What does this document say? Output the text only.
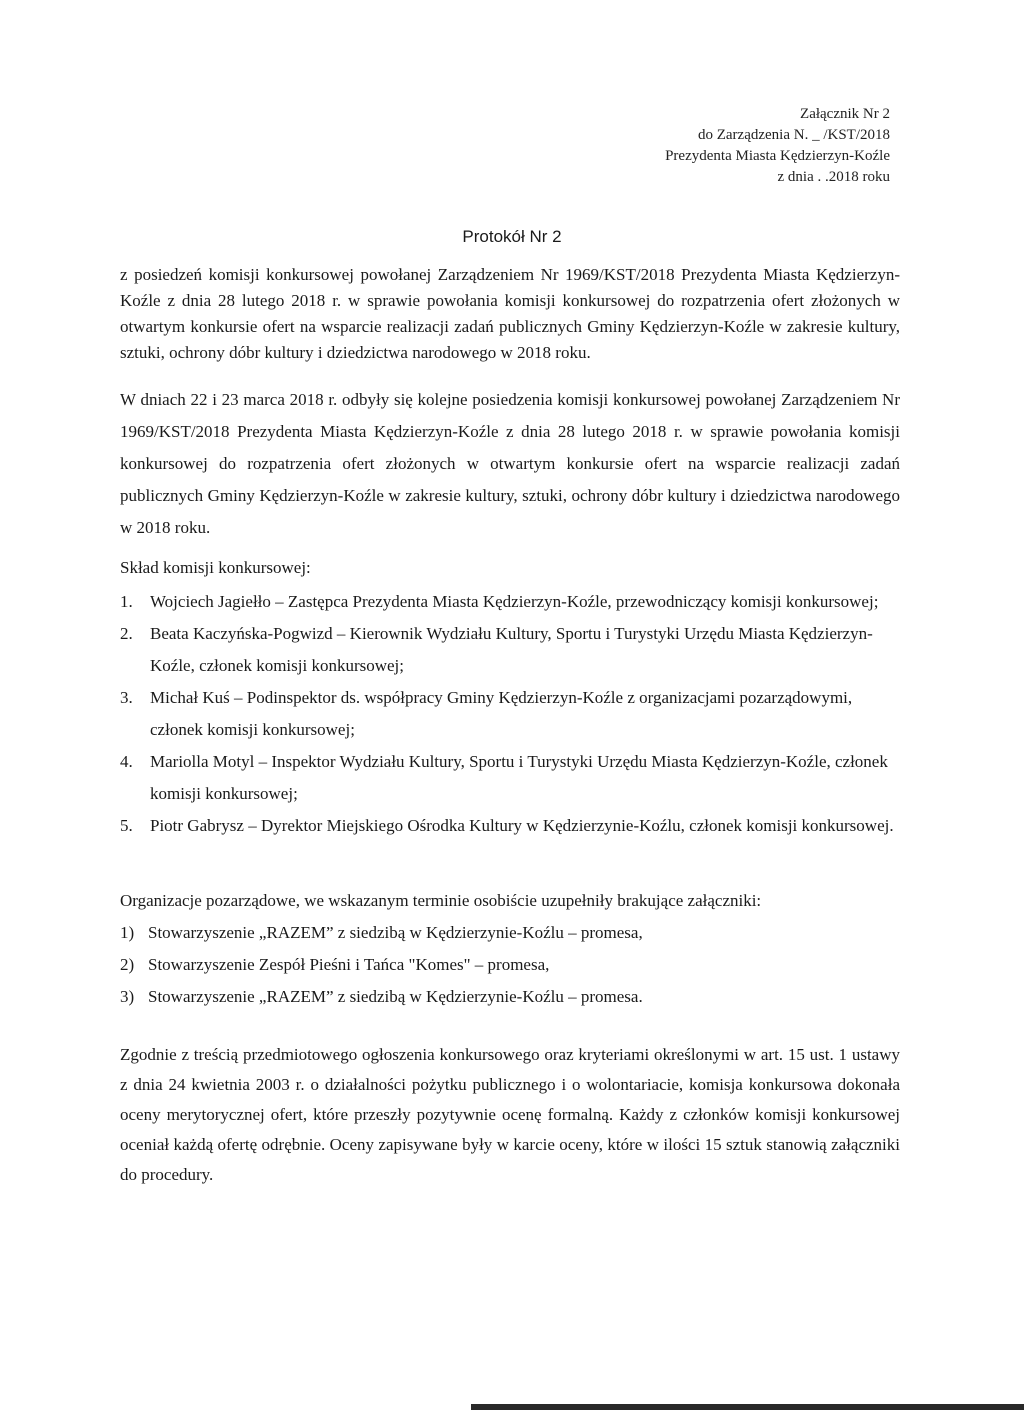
Załącznik Nr 2
do Zarządzenia N. _ /KST/2018
Prezydenta Miasta Kędzierzyn-Koźle
z dnia . .2018 roku
Protokół Nr 2

z posiedzeń komisji konkursowej powołanej Zarządzeniem Nr 1969/KST/2018 Prezydenta Miasta Kędzierzyn-Koźle z dnia 28 lutego 2018 r. w sprawie powołania komisji konkursowej do rozpatrzenia ofert złożonych w otwartym konkursie ofert na wsparcie realizacji zadań publicznych Gminy Kędzierzyn-Koźle w zakresie kultury, sztuki, ochrony dóbr kultury i dziedzictwa narodowego w 2018 roku.

W dniach 22 i 23 marca 2018 r. odbyły się kolejne posiedzenia komisji konkursowej powołanej Zarządzeniem Nr 1969/KST/2018 Prezydenta Miasta Kędzierzyn-Koźle z dnia 28 lutego 2018 r. w sprawie powołania komisji konkursowej do rozpatrzenia ofert złożonych w otwartym konkursie ofert na wsparcie realizacji zadań publicznych Gminy Kędzierzyn-Koźle w zakresie kultury, sztuki, ochrony dóbr kultury i dziedzictwa narodowego w 2018 roku.

Skład komisji konkursowej:
1. Wojciech Jagiełło – Zastępca Prezydenta Miasta Kędzierzyn-Koźle, przewodniczący komisji konkursowej;
2. Beata Kaczyńska-Pogwizd – Kierownik Wydziału Kultury, Sportu i Turystyki Urzędu Miasta Kędzierzyn-Koźle, członek komisji konkursowej;
3. Michał Kuś – Podinspektor ds. współpracy Gminy Kędzierzyn-Koźle z organizacjami pozarządowymi, członek komisji konkursowej;
4. Mariolla Motyl – Inspektor Wydziału Kultury, Sportu i Turystyki Urzędu Miasta Kędzierzyn-Koźle, członek komisji konkursowej;
5. Piotr Gabrysz – Dyrektor Miejskiego Ośrodka Kultury w Kędzierzynie-Koźlu, członek komisji konkursowej.
Organizacje pozarządowe, we wskazanym terminie osobiście uzupełniły brakujące załączniki:
1) Stowarzyszenie „RAZEM” z siedzibą w Kędzierzynie-Koźlu – promesa,
2) Stowarzyszenie Zespół Pieśni i Tańca "Komes" – promesa,
3) Stowarzyszenie „RAZEM” z siedzibą w Kędzierzynie-Koźlu – promesa.

Zgodnie z treścią przedmiotowego ogłoszenia konkursowego oraz kryteriami określonymi w art. 15 ust. 1 ustawy z dnia 24 kwietnia 2003 r. o działalności pożytku publicznego i o wolontariacie, komisja konkursowa dokonała oceny merytorycznej ofert, które przeszły pozytywnie ocenę formalną. Każdy z członków komisji konkursowej oceniał każdą ofertę odrębnie. Oceny zapisywane były w karcie oceny, które w ilości 15 sztuk stanowią załączniki do procedury.
